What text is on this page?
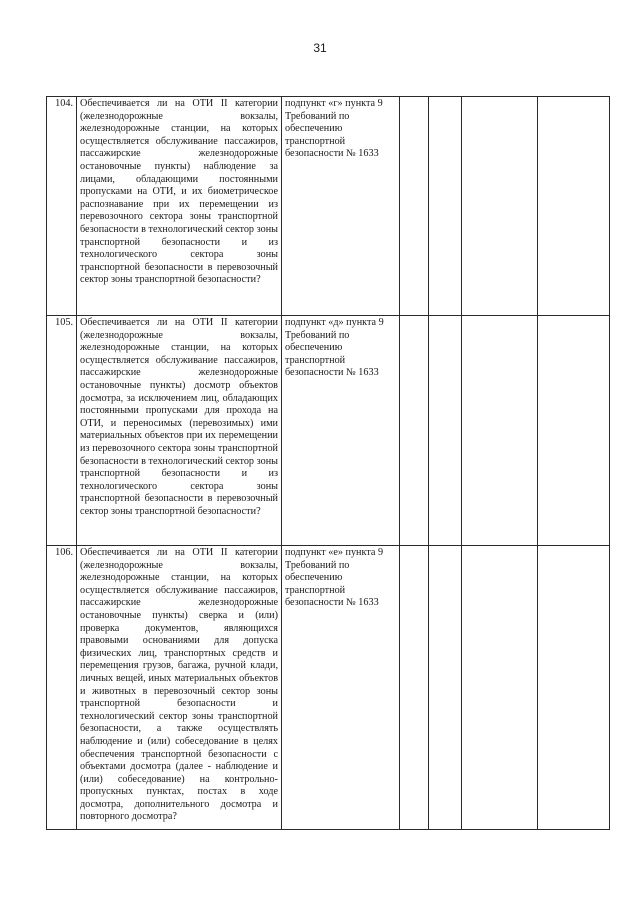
31
104.	Обеспечивается ли на ОТИ II категории (железнодорожные вокзалы, железнодорожные станции, на которых осуществляется обслуживание пассажиров, пассажирские железнодорожные остановочные пункты) наблюдение за лицами, обладающими постоянными пропусками на ОТИ, и их биометрическое распознавание при их перемещении из перевозочного сектора зоны транспортной безопасности в технологический сектор зоны транспортной безопасности и из технологического сектора зоны транспортной безопасности в перевозочный сектор зоны транспортной безопасности?	подпункт «г» пункта 9 Требований по обеспечению транспортной безопасности № 1633				
105.	Обеспечивается ли на ОТИ II категории (железнодорожные вокзалы, железнодорожные станции, на которых осуществляется обслуживание пассажиров, пассажирские железнодорожные остановочные пункты) досмотр объектов досмотра, за исключением лиц, обладающих постоянными пропусками для прохода на ОТИ, и переносимых (перевозимых) ими материальных объектов при их перемещении из перевозочного сектора зоны транспортной безопасности в технологический сектор зоны транспортной безопасности и из технологического сектора зоны транспортной безопасности в перевозочный сектор зоны транспортной безопасности?	подпункт «д» пункта 9 Требований по обеспечению транспортной безопасности № 1633				
106.	Обеспечивается ли на ОТИ II категории (железнодорожные вокзалы, железнодорожные станции, на которых осуществляется обслуживание пассажиров, пассажирские железнодорожные остановочные пункты) сверка и (или) проверка документов, являющихся правовыми основаниями для допуска физических лиц, транспортных средств и перемещения грузов, багажа, ручной клади, личных вещей, иных материальных объектов и животных в перевозочный сектор зоны транспортной безопасности и технологический сектор зоны транспортной безопасности, а также осуществлять наблюдение и (или) собеседование в целях обеспечения транспортной безопасности с объектами досмотра (далее - наблюдение и (или) собеседование) на контрольно-пропускных пунктах, постах в ходе досмотра, дополнительного досмотра и повторного досмотра?	подпункт «е» пункта 9 Требований по обеспечению транспортной безопасности № 1633				
